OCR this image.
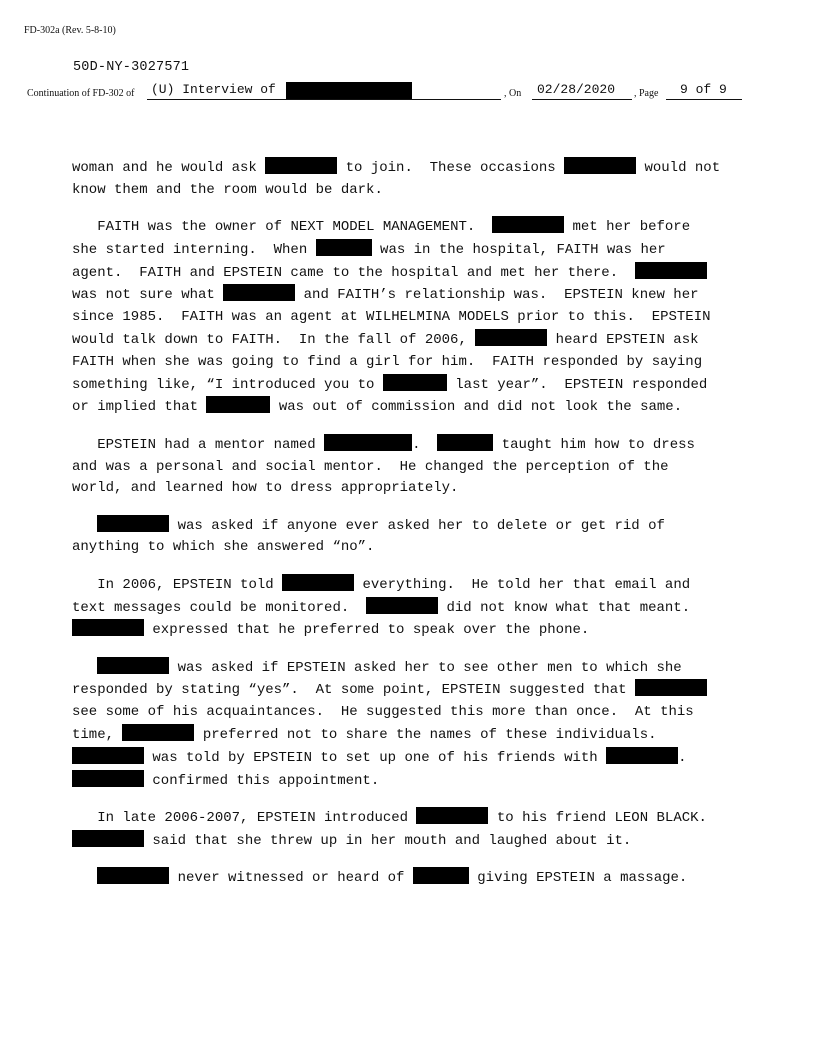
FD-302a (Rev. 5-8-10)
50D-NY-3027571
Continuation of FD-302 of (U) Interview of	, On 02/28/2020 , Page 9 of 9

woman and he would ask	to join.  These occasions	would not
know them and the room would be dark.

FAITH was the owner of NEXT MODEL MANAGEMENT.	met her before
she started interning.  When	was in the hospital, FAITH was her
agent.  FAITH and EPSTEIN came to the hospital and met her there.
was not sure what	and FAITH’s relationship was.  EPSTEIN knew her
since 1985.  FAITH was an agent at WILHELMINA MODELS prior to this.  EPSTEIN
would talk down to FAITH.  In the fall of 2006,	heard EPSTEIN ask
FAITH when she was going to find a girl for him.  FAITH responded by saying
something like, “I introduced you to	last year”.  EPSTEIN responded
or implied that	was out of commission and did not look the same.

EPSTEIN had a mentor named	.	taught him how to dress
and was a personal and social mentor.  He changed the perception of the
world, and learned how to dress appropriately.

was asked if anyone ever asked her to delete or get rid of
anything to which she answered “no”.

In 2006, EPSTEIN told	everything.  He told her that email and
text messages could be monitored.	did not know what that meant.
expressed that he preferred to speak over the phone.

was asked if EPSTEIN asked her to see other men to which she
responded by stating “yes”.  At some point, EPSTEIN suggested that
see some of his acquaintances.  He suggested this more than once.  At this
time,	preferred not to share the names of these individuals.
was told by EPSTEIN to set up one of his friends with	.
confirmed this appointment.

In late 2006-2007, EPSTEIN introduced	to his friend LEON BLACK.
said that she threw up in her mouth and laughed about it.

never witnessed or heard of	giving EPSTEIN a massage.
